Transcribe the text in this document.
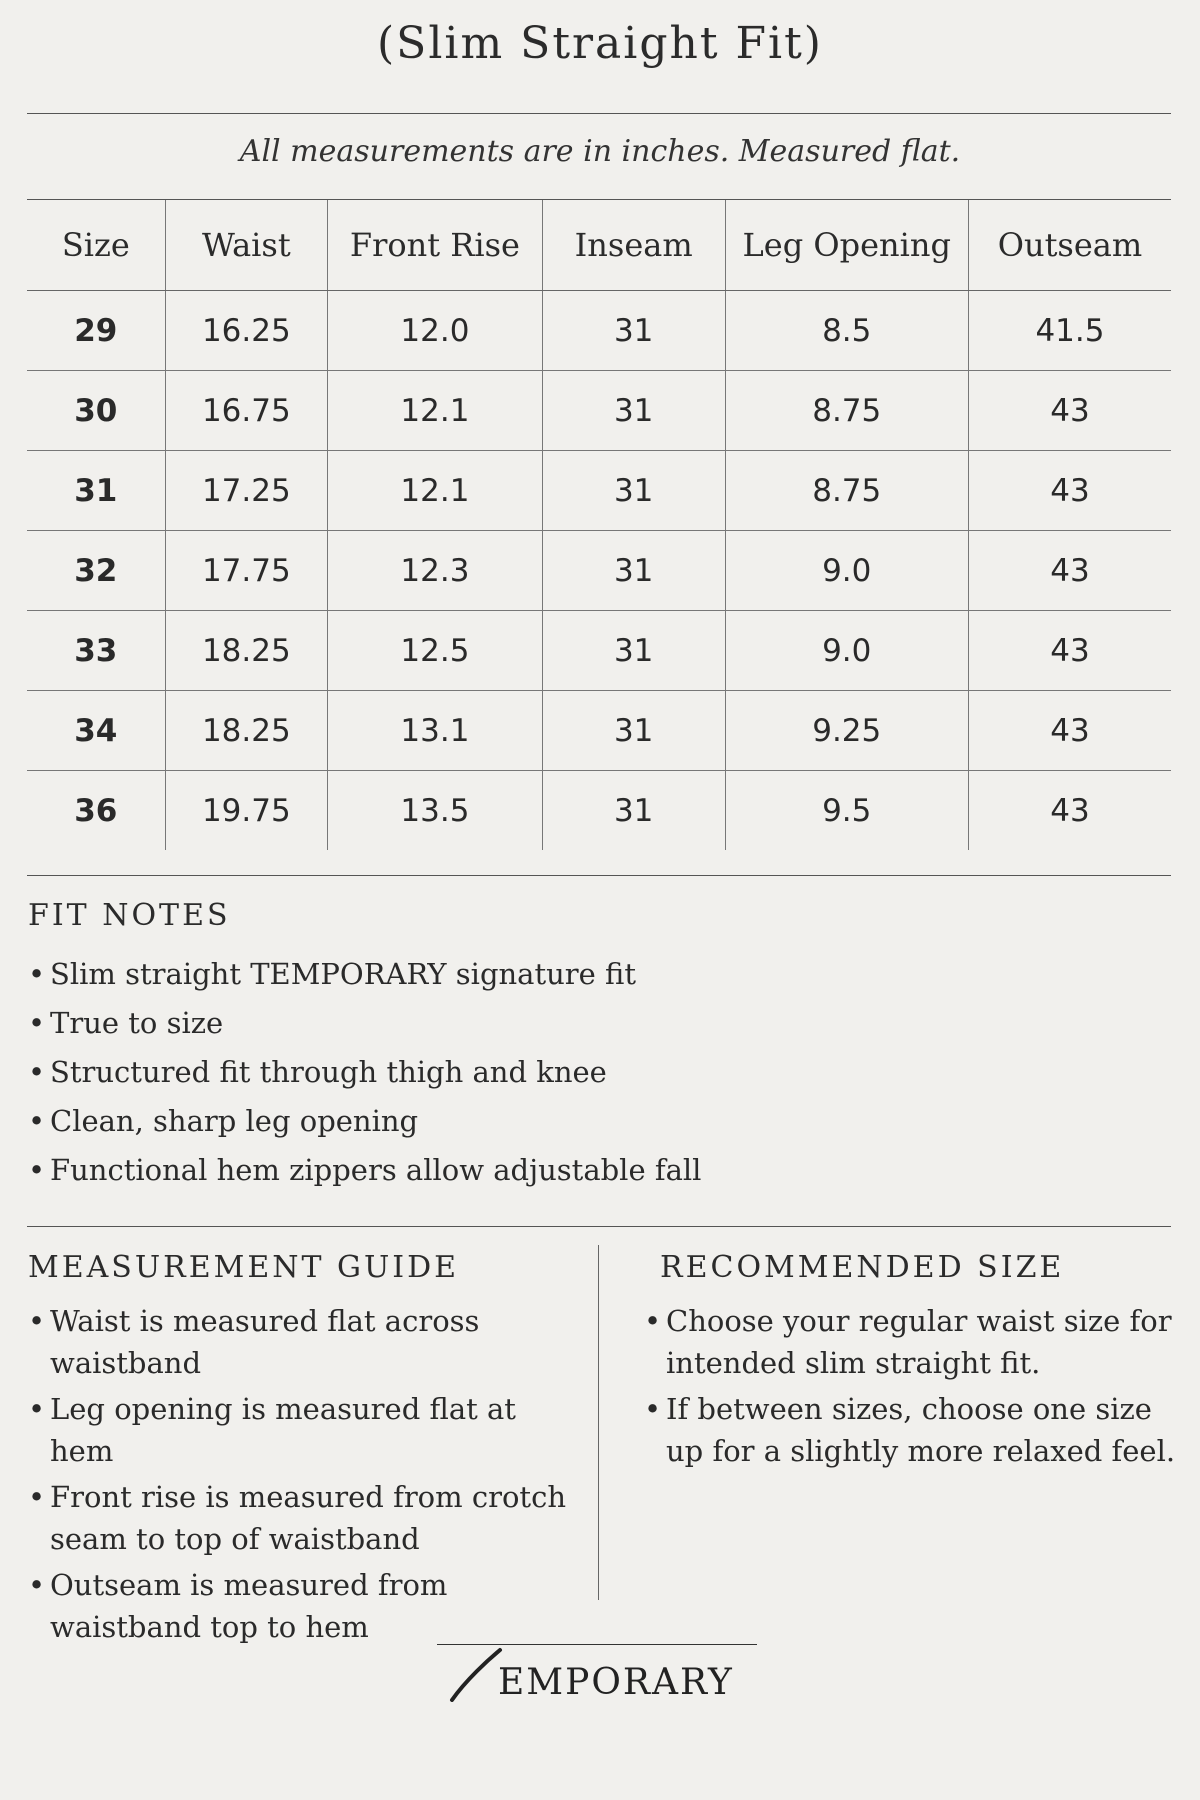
(Slim Straight Fit)
All measurements are in inches. Measured flat.
Size	Waist	Front Rise	Inseam	Leg Opening	Outseam
29	16.25	12.0	31	8.5	41.5
30	16.75	12.1	31	8.75	43
31	17.25	12.1	31	8.75	43
32	17.75	12.3	31	9.0	43
33	18.25	12.5	31	9.0	43
34	18.25	13.1	31	9.25	43
36	19.75	13.5	31	9.5	43
FIT NOTES
• Slim straight TEMPORARY signature fit
• True to size
• Structured fit through thigh and knee
• Clean, sharp leg opening
• Functional hem zippers allow adjustable fall
MEASUREMENT GUIDE
• Waist is measured flat across waistband
• Leg opening is measured flat at hem
• Front rise is measured from crotch seam to top of waistband
• Outseam is measured from waistband top to hem
RECOMMENDED SIZE
• Choose your regular waist size for intended slim straight fit.
• If between sizes, choose one size up for a slightly more relaxed feel.
EMPORARY
